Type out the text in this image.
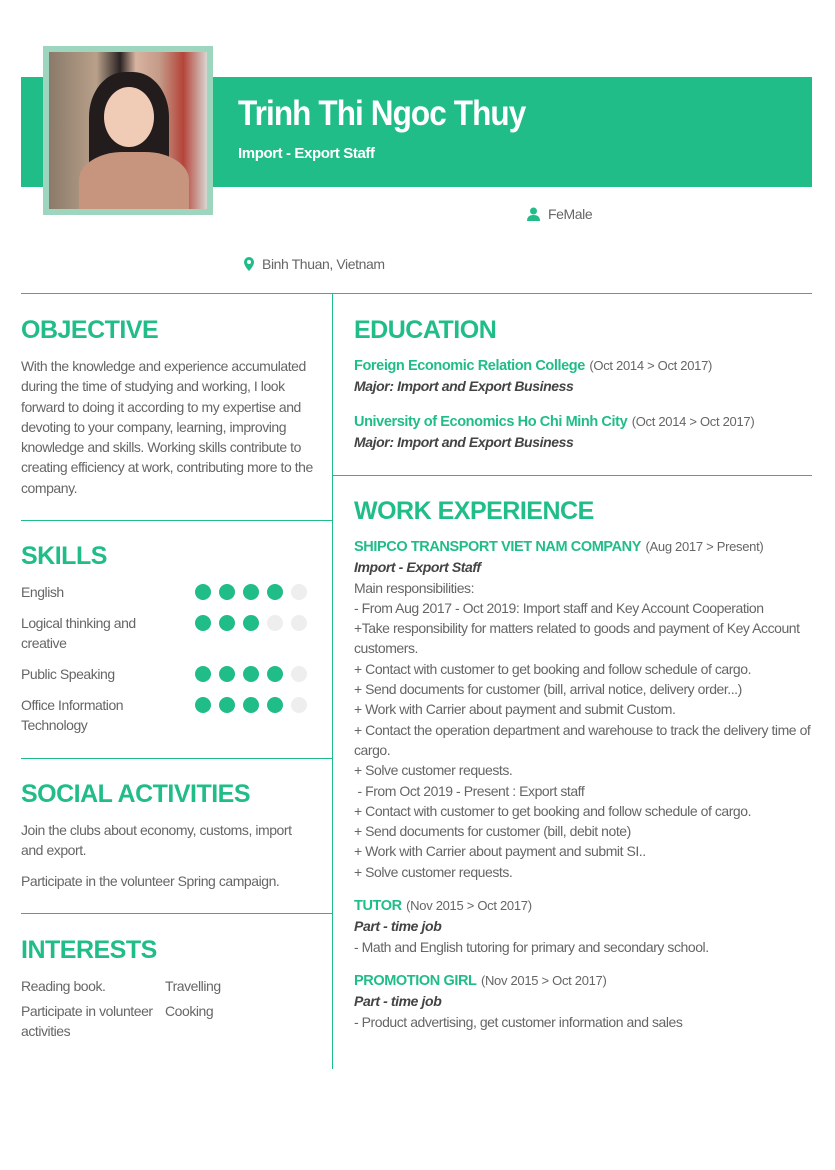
Trinh Thi Ngoc Thuy
Import - Export Staff
FeMale
Binh Thuan, Vietnam
OBJECTIVE
With the knowledge and experience accumulated during the time of studying and working, I look forward to doing it according to my expertise and devoting to your company, learning, improving knowledge and skills. Working skills contribute to creating efficiency at work, contributing more to the company.
SKILLS
English
Logical thinking and creative
Public Speaking
Office Information Technology
SOCIAL ACTIVITIES
Join the clubs about economy, customs, import and export.
Participate in the volunteer Spring campaign.
INTERESTS
Reading book.	Travelling
Participate in volunteer activities
Cooking
EDUCATION
Foreign Economic Relation College (Oct 2014 > Oct 2017)
Major: Import and Export Business
University of Economics Ho Chi Minh City (Oct 2014 > Oct 2017)
Major: Import and Export Business
WORK EXPERIENCE
SHIPCO TRANSPORT VIET NAM COMPANY (Aug 2017 > Present)
Import - Export Staff
Main responsibilities:
- From Aug 2017 - Oct 2019: Import staff and Key Account Cooperation
+Take responsibility for matters related to goods and payment of Key Account customers.
+ Contact with customer to get booking and follow schedule of cargo.
+ Send documents for customer (bill, arrival notice, delivery order...)
+ Work with Carrier about payment and submit Custom.
+ Contact the operation department and warehouse to track the delivery time of cargo.
+ Solve customer requests.
- From Oct 2019 - Present : Export staff
+ Contact with customer to get booking and follow schedule of cargo.
+ Send documents for customer (bill, debit note)
+ Work with Carrier about payment and submit SI..
+ Solve customer requests.
TUTOR (Nov 2015 > Oct 2017)
Part - time job
- Math and English tutoring for primary and secondary school.
PROMOTION GIRL (Nov 2015 > Oct 2017)
Part - time job
- Product advertising, get customer information and sales
